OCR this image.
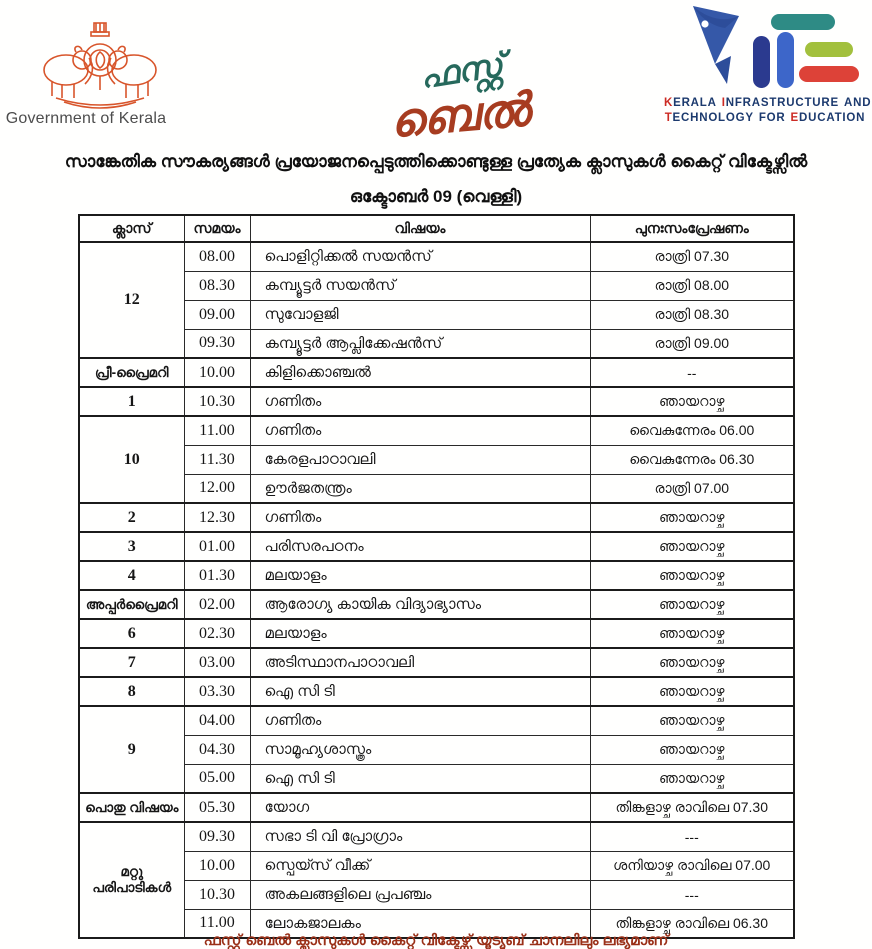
Government of Kerala
ഫസ്റ്റ്
ബെൽ	KERALA INFRASTRUCTURE AND
TECHNOLOGY FOR EDUCATION
സാങ്കേതിക സൗകര്യങ്ങൾ പ്രയോജനപ്പെടുത്തിക്കൊണ്ടുള്ള പ്രത്യേക ക്ലാസുകൾ കൈറ്റ് വിക്ടേഴ്സിൽ
ഒക്ടോബർ 09 (വെള്ളി)
ക്ലാസ്	സമയം	വിഷയം	പുനഃസംപ്രേഷണം
12	08.00	പൊളിറ്റിക്കൽ സയൻസ്	രാത്രി 07.30
	08.30	കമ്പ്യൂട്ടർ സയൻസ്	രാത്രി 08.00
	09.00	സുവോളജി	രാത്രി 08.30
	09.30	കമ്പ്യൂട്ടർ ആപ്ലിക്കേഷൻസ്	രാത്രി 09.00
പ്രീ-പ്രൈമറി	10.00	കിളിക്കൊഞ്ചൽ	--
1	10.30	ഗണിതം	ഞായറാഴ്ച
10	11.00	ഗണിതം	വൈകുന്നേരം 06.00
	11.30	കേരളപാഠാവലി	വൈകുന്നേരം 06.30
	12.00	ഊർജതന്ത്രം	രാത്രി 07.00
2	12.30	ഗണിതം	ഞായറാഴ്ച
3	01.00	പരിസരപഠനം	ഞായറാഴ്ച
4	01.30	മലയാളം	ഞായറാഴ്ച
അപ്പർപ്രൈമറി	02.00	ആരോഗ്യ കായിക വിദ്യാഭ്യാസം	ഞായറാഴ്ച
6	02.30	മലയാളം	ഞായറാഴ്ച
7	03.00	അടിസ്ഥാനപാഠാവലി	ഞായറാഴ്ച
8	03.30	ഐ സി ടി	ഞായറാഴ്ച
9	04.00	ഗണിതം	ഞായറാഴ്ച
	04.30	സാമൂഹ്യശാസ്ത്രം	ഞായറാഴ്ച
	05.00	ഐ സി ടി	ഞായറാഴ്ച
പൊതു വിഷയം	05.30	യോഗ	തിങ്കളാഴ്ച രാവിലെ 07.30
മറ്റു പരിപാടികൾ	09.30	സഭാ ടി വി പ്രോഗ്രാം	---
	10.00	സ്പെയ്സ് വീക്ക്	ശനിയാഴ്ച രാവിലെ 07.00
	10.30	അകലങ്ങളിലെ പ്രപഞ്ചം	---
	11.00	ലോകജാലകം	തിങ്കളാഴ്ച രാവിലെ 06.30
ഫസ്റ്റ് ബെൽ ക്ലാസുകൾ കൈറ്റ് വിക്ടേഴ്സ് യൂട്യൂബ് ചാനലിലും ലഭ്യമാണ്
